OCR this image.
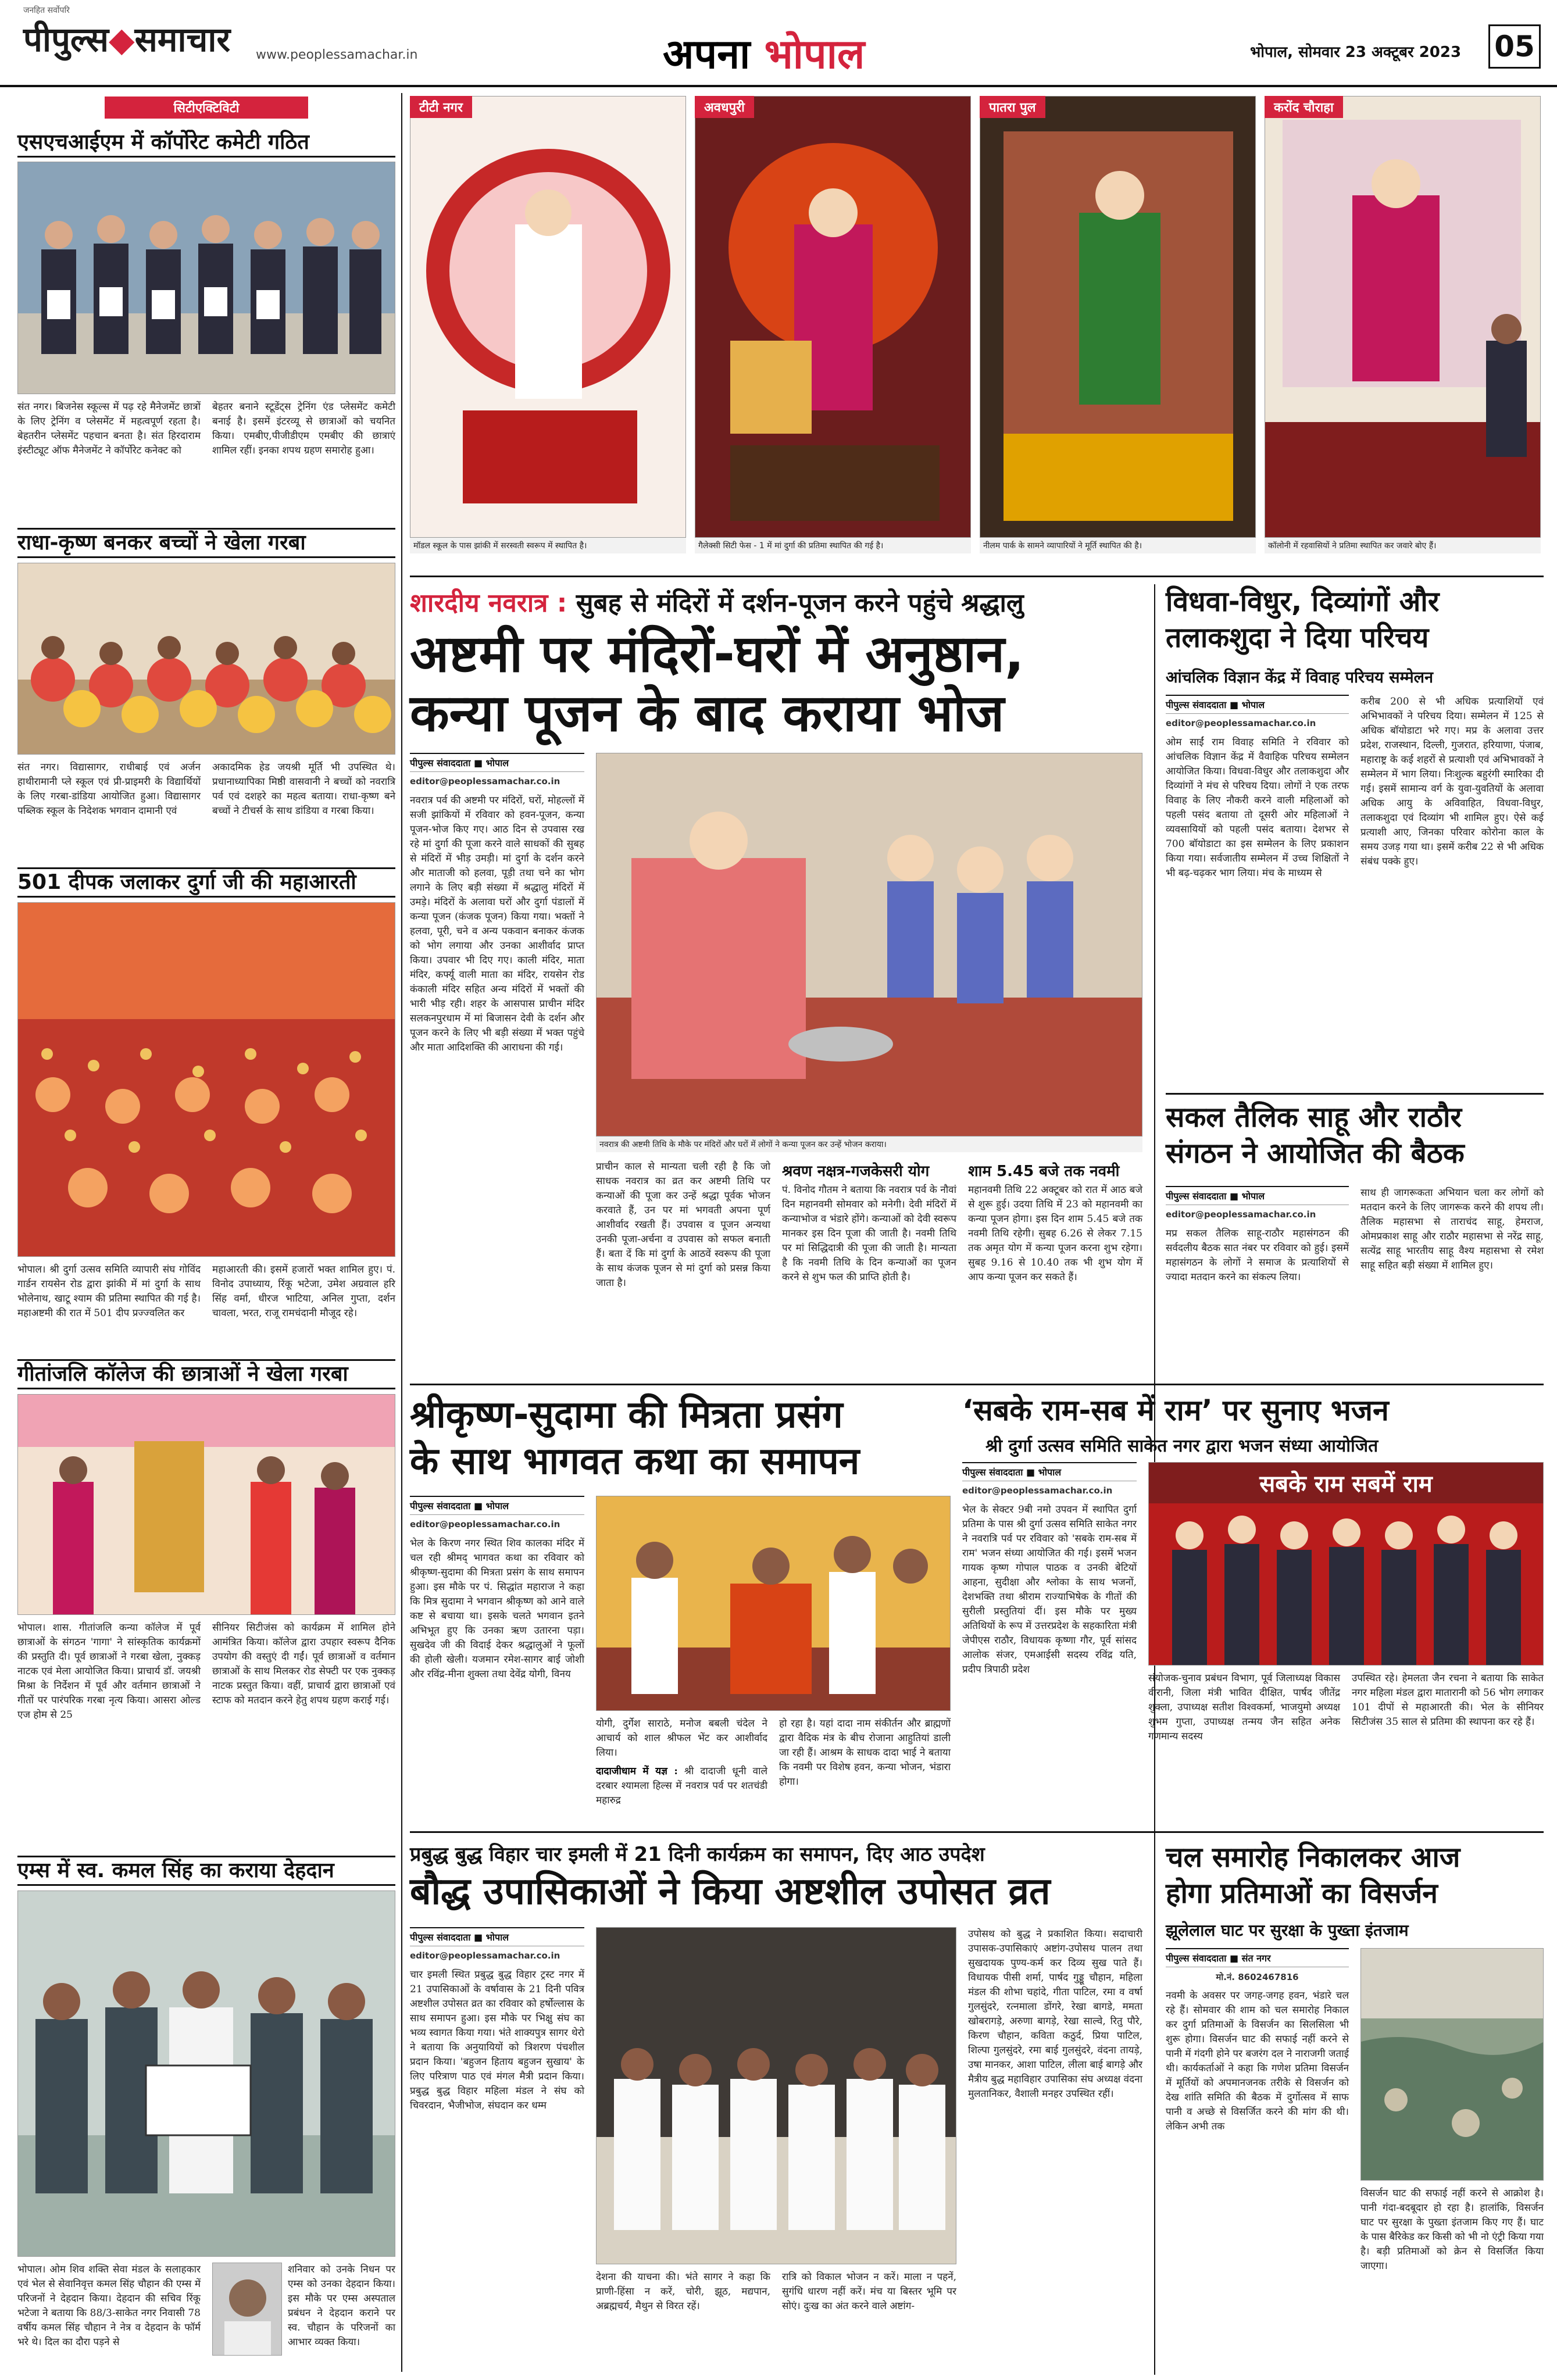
जनहित सर्वोपरि
पीपुल्स◆समाचार www.peoplessamachar.in	अपना भोपाल	भोपाल, सोमवार 23 अक्टूबर 2023 05
सिटीएक्टिविटी
एसएचआईएम में कॉर्पोरेट कमेटी गठित
संत नगर। बिजनेस स्कूल्स में पढ़ रहे मैनेजमेंट छात्रों के लिए ट्रेनिंग व प्लेसमेंट में महत्वपूर्ण रहता है। बेहतरीन प्लेसमेंट पहचान बनता है। संत हिरदाराम इंस्टीट्यूट ऑफ मैनेजमेंट ने कॉर्पोरेट कनेक्ट को
बेहतर बनाने स्टूडेंट्स ट्रेनिंग एंड प्लेसमेंट कमेटी बनाई है। इसमें इंटरव्यू से छात्राओं को चयनित किया। एमबीए,पीजीडीएम एमबीए की छात्राएं शामिल रहीं। इनका शपथ ग्रहण समारोह हुआ।
राधा-कृष्ण बनकर बच्चों ने खेला गरबा
संत नगर। विद्यासागर, राधीबाई एवं अर्जन हाथीरामानी प्ले स्कूल एवं प्री-प्राइमरी के विद्यार्थियों के लिए गरबा-डांडिया आयोजित हुआ। विद्यासागर पब्लिक स्कूल के निदेशक भगवान दामानी एवं
अकादमिक हेड जयश्री मूर्ति भी उपस्थित थे। प्रधानाध्यापिका मिष्ठी वासवानी ने बच्चों को नवरात्रि पर्व एवं दशहरे का महत्व बताया। राधा-कृष्ण बने बच्चों ने टीचर्स के साथ डांडिया व गरबा किया।
501 दीपक जलाकर दुर्गा जी की महाआरती
भोपाल। श्री दुर्गा उत्सव समिति व्यापारी संघ गोविंद गार्डन रायसेन रोड द्वारा झांकी में मां दुर्गा के साथ भोलेनाथ, खाटू श्याम की प्रतिमा स्थापित की गई है। महाअष्टमी की रात में 501 दीप प्रज्ज्वलित कर
महाआरती की। इसमें हजारों भक्त शामिल हुए। पं. विनोद उपाध्याय, रिंकू भटेजा, उमेश अग्रवाल हरि सिंह वर्मा, धीरज भाटिया, अनिल गुप्ता, दर्शन चावला, भरत, राजू रामचंदानी मौजूद रहे।
गीतांजलि कॉलेज की छात्राओं ने खेला गरबा
भोपाल। शास. गीतांजलि कन्या कॉलेज में पूर्व छात्राओं के संगठन 'गागा' ने सांस्कृतिक कार्यक्रमों की प्रस्तुति दी। पूर्व छात्राओं ने गरबा खेला, नुक्कड़ नाटक एवं मेला आयोजित किया। प्राचार्य डॉ. जयश्री मिश्रा के निर्देशन में पूर्व और वर्तमान छात्राओं ने गीतों पर पारंपरिक गरबा नृत्य किया। आसरा ओल्ड एज होम से 25
सीनियर सिटीजंस को कार्यक्रम में शामिल होने आमंत्रित किया। कॉलेज द्वारा उपहार स्वरूप दैनिक उपयोग की वस्तुएं दी गईं। पूर्व छात्राओं व वर्तमान छात्राओं के साथ मिलकर रोड सेफ्टी पर एक नुक्कड़ नाटक प्रस्तुत किया। वहीं, प्राचार्य द्वारा छात्राओं एवं स्टाफ को मतदान करने हेतु शपथ ग्रहण कराई गई।
एम्स में स्व. कमल सिंह का कराया देहदान
भोपाल। ओम शिव शक्ति सेवा मंडल के सलाहकार एवं भेल से सेवानिवृत्त कमल सिंह चौहान की एम्स में परिजनों ने देहदान किया। देहदान की सचिव रिंकू भटेजा ने बताया कि 88/3-साकेत नगर निवासी 78 वर्षीय कमल सिंह चौहान ने नेत्र व देहदान के फॉर्म भरे थे। दिल का दौरा पड़ने से
शनिवार को उनके निधन पर एम्स को उनका देहदान किया। इस मौके पर एम्स अस्पताल प्रबंधन ने देहदान कराने पर स्व. चौहान के परिजनों का आभार व्यक्त किया।
टीटी नगर
मॉडल स्कूल के पास झांकी में सरस्वती स्वरूप में स्थापित है।
अवधपुरी
गैलेक्सी सिटी फेस - 1 में मां दुर्गा की प्रतिमा स्थापित की गई है।
पातरा पुल
नीलम पार्क के सामने व्यापारियों ने मूर्ति स्थापित की है।
करोंद चौराहा
कॉलोनी में रहवासियों ने प्रतिमा स्थापित कर जवारे बोए हैं।
शारदीय नवरात्र : सुबह से मंदिरों में दर्शन-पूजन करने पहुंचे श्रद्धालु
अष्टमी पर मंदिरों-घरों में अनुष्ठान,
कन्या पूजन के बाद कराया भोज
पीपुल्स संवाददाता ■ भोपाल
editor@peoplessamachar.co.in
नवरात्र पर्व की अष्टमी पर मंदिरों, घरों, मोहल्लों में सजी झांकियों में रविवार को हवन-पूजन, कन्या पूजन-भोज किए गए। आठ दिन से उपवास रख रहे मां दुर्गा की पूजा करने वाले साधकों की सुबह से मंदिरों में भीड़ उमड़ी। मां दुर्गा के दर्शन करने और माताजी को हलवा, पूड़ी तथा चने का भोग लगाने के लिए बड़ी संख्या में श्रद्धालु मंदिरों में उमड़े। मंदिरों के अलावा घरों और दुर्गा पंडालों में कन्या पूजन (कंजक पूजन) किया गया। भक्तों ने हलवा, पूरी, चने व अन्य पकवान बनाकर कंजक को भोग लगाया और उनका आशीर्वाद प्राप्त किया। उपवार भी दिए गए। काली मंदिर, माता मंदिर, कर्फ्यू वाली माता का मंदिर, रायसेन रोड कंकाली मंदिर सहित अन्य मंदिरों में भक्तों की भारी भीड़ रही। शहर के आसपास प्राचीन मंदिर सलकनपुरधाम में मां बिजासन देवी के दर्शन और पूजन करने के लिए भी बड़ी संख्या में भक्त पहुंचे और माता आदिशक्ति की आराधना की गई।
नवरात्र की अष्टमी तिथि के मौके पर मंदिरों और घरों में लोगों ने कन्या पूजन कर उन्हें भोजन कराया।
प्राचीन काल से मान्यता चली रही है कि जो साधक नवरात्र का व्रत कर अष्टमी तिथि पर कन्याओं की पूजा कर उन्हें श्रद्धा पूर्वक भोजन करवाते हैं, उन पर मां भगवती अपना पूर्ण आशीर्वाद रखती हैं। उपवास व पूजन अन्यथा उनकी पूजा-अर्चना व उपवास को सफल बनाती हैं। बता दें कि मां दुर्गा के आठवें स्वरूप की पूजा के साथ कंजक पूजन से मां दुर्गा को प्रसन्न किया जाता है।
श्रवण नक्षत्र-गजकेसरी योग
पं. विनोद गौतम ने बताया कि नवरात्र पर्व के नौवां दिन महानवमी सोमवार को मनेगी। देवी मंदिरों में कन्याभोज व भंडारे होंगे। कन्याओं को देवी स्वरूप मानकर इस दिन पूजा की जाती है। नवमी तिथि पर मां सिद्धिदात्री की पूजा की जाती है। मान्यता है कि नवमी तिथि के दिन कन्याओं का पूजन करने से शुभ फल की प्राप्ति होती है।
शाम 5.45 बजे तक नवमी
महानवमी तिथि 22 अक्टूबर को रात में आठ बजे से शुरू हुई। उदया तिथि में 23 को महानवमी का कन्या पूजन होगा। इस दिन शाम 5.45 बजे तक नवमी तिथि रहेगी। सुबह 6.26 से लेकर 7.15 तक अमृत योग में कन्या पूजन करना शुभ रहेगा। सुबह 9.16 से 10.40 तक भी शुभ योग में आप कन्या पूजन कर सकते हैं।
विधवा-विधुर, दिव्यांगों और
तलाकशुदा ने दिया परिचय
आंचलिक विज्ञान केंद्र में विवाह परिचय सम्मेलन
पीपुल्स संवाददाता ■ भोपाल
editor@peoplessamachar.co.in
ओम साईं राम विवाह समिति ने रविवार को आंचलिक विज्ञान केंद्र में वैवाहिक परिचय सम्मेलन आयोजित किया। विधवा-विधुर और तलाकशुदा और दिव्यांगों ने मंच से परिचय दिया। लोगों ने एक तरफ विवाह के लिए नौकरी करने वाली महिलाओं को पहली पसंद बताया तो दूसरी ओर महिलाओं ने व्यवसायियों को पहली पसंद बताया। देशभर से 700 बॉयोडाटा का इस सम्मेलन के लिए प्रकाशन किया गया। सर्वजातीय सम्मेलन में उच्च शिक्षितों ने भी बढ़-चढ़कर भाग लिया। मंच के माध्यम से
करीब 200 से भी अधिक प्रत्याशियों एवं अभिभावकों ने परिचय दिया। सम्मेलन में 125 से अधिक बॉयोडाटा भरे गए। मप्र के अलावा उत्तर प्रदेश, राजस्थान, दिल्ली, गुजरात, हरियाणा, पंजाब, महाराष्ट्र के कई शहरों से प्रत्याशी एवं अभिभावकों ने सम्मेलन में भाग लिया। निःशुल्क बहुरंगी स्मारिका दी गई। इसमें सामान्य वर्ग के युवा-युवतियों के अलावा अधिक आयु के अविवाहित, विधवा-विधुर, तलाकशुदा एवं दिव्यांग भी शामिल हुए। ऐसे कई प्रत्याशी आए, जिनका परिवार कोरोना काल के समय उजड़ गया था। इसमें करीब 22 से भी अधिक संबंध पक्के हुए।
सकल तैलिक साहू और राठौर
संगठन ने आयोजित की बैठक
पीपुल्स संवाददाता ■ भोपाल
editor@peoplessamachar.co.in
मप्र सकल तैलिक साहू-राठौर महासंगठन की सर्वदलीय बैठक सात नंबर पर रविवार को हुई। इसमें महासंगठन के लोगों ने समाज के प्रत्याशियों से ज्यादा मतदान करने का संकल्प लिया।
साथ ही जागरूकता अभियान चला कर लोगों को मतदान करने के लिए जागरूक करने की शपथ ली। तैलिक महासभा से ताराचंद साहू, हेमराज, ओमप्रकाश साहू और राठौर महासभा से नरेंद्र साहू, सत्येंद्र साहू भारतीय साहू वैश्य महासभा से रमेश साहू सहित बड़ी संख्या में शामिल हुए।
श्रीकृष्ण-सुदामा की मित्रता प्रसंग
के साथ भागवत कथा का समापन
पीपुल्स संवाददाता ■ भोपाल
editor@peoplessamachar.co.in
भेल के किरण नगर स्थित शिव कालका मंदिर में चल रही श्रीमद् भागवत कथा का रविवार को श्रीकृष्ण-सुदामा की मित्रता प्रसंग के साथ समापन हुआ। इस मौके पर पं. सिद्धांत महाराज ने कहा कि मित्र सुदामा ने भगवान श्रीकृष्ण को आने वाले कष्ट से बचाया था। इसके चलते भगवान इतने अभिभूत हुए कि उनका ऋण उतारना पड़ा। सुखदेव जी की विदाई देकर श्रद्धालुओं ने फूलों की होली खेली। यजमान रमेश-सागर बाई जोशी और रविंद्र-मीना शुक्ला तथा देवेंद्र योगी, विनय
योगी, दुर्गेश साराठे, मनोज बबली चंदेल ने आचार्य को शाल श्रीफल भेंट कर आशीर्वाद लिया।
दादाजीधाम में यज्ञ : श्री दादाजी धूनी वाले दरबार श्यामला हिल्स में नवरात्र पर्व पर शतचंडी महारुद्र
हो रहा है। यहां दादा नाम संकीर्तन और ब्राह्मणों द्वारा वैदिक मंत्र के बीच रोजाना आहुतियां डाली जा रही हैं। आश्रम के साधक दादा भाई ने बताया कि नवमी पर विशेष हवन, कन्या भोजन, भंडारा होगा।
‘सबके राम-सब में राम’ पर सुनाए भजन
श्री दुर्गा उत्सव समिति साकेत नगर द्वारा भजन संध्या आयोजित
पीपुल्स संवाददाता ■ भोपाल
editor@peoplessamachar.co.in
भेल के सेक्टर 9बी नमो उपवन में स्थापित दुर्गा प्रतिमा के पास श्री दुर्गा उत्सव समिति साकेत नगर ने नवरात्रि पर्व पर रविवार को 'सबके राम-सब में राम' भजन संध्या आयोजित की गई। इसमें भजन गायक कृष्ण गोपाल पाठक व उनकी बेटियों आहना, सुदीक्षा और श्लोका के साथ भजनों, देशभक्ति तथा श्रीराम राज्याभिषेक के गीतों की सुरीली प्रस्तुतियां दीं। इस मौके पर मुख्य अतिथियों के रूप में उत्तरप्रदेश के सहकारिता मंत्री जेपीएस राठौर, विधायक कृष्णा गौर, पूर्व सांसद आलोक संजर, एमआईसी सदस्य रविंद्र यति, प्रदीप त्रिपाठी प्रदेश
सबके राम सबमें राम
संयोजक-चुनाव प्रबंधन विभाग, पूर्व जिलाध्यक्ष विकास वीरानी, जिला मंत्री भावित दीक्षित, पार्षद जीतेंद्र शुक्ला, उपाध्यक्ष सतीश विश्वकर्मा, भाजयुमो अध्यक्ष शुभम गुप्ता, उपाध्यक्ष तन्मय जैन सहित अनेक गणमान्य सदस्य
उपस्थित रहे। हेमलता जैन रचना ने बताया कि साकेत नगर महिला मंडल द्वारा मातारानी को 56 भोग लगाकर 101 दीपों से महाआरती की। भेल के सीनियर सिटीजंस 35 साल से प्रतिमा की स्थापना कर रहे हैं।
प्रबुद्ध बुद्ध विहार चार इमली में 21 दिनी कार्यक्रम का समापन, दिए आठ उपदेश
बौद्ध उपासिकाओं ने किया अष्टशील उपोसत व्रत
पीपुल्स संवाददाता ■ भोपाल
editor@peoplessamachar.co.in
चार इमली स्थित प्रबुद्ध बुद्ध विहार ट्रस्ट नगर में 21 उपासिकाओं के वर्षावास के 21 दिनी पवित्र अष्टशील उपोसत व्रत का रविवार को हर्षोल्लास के साथ समापन हुआ। इस मौके पर भिक्षु संघ का भव्य स्वागत किया गया। भंते शाक्यपुत्र सागर थेरो ने बताया कि अनुयायियों को त्रिशरण पंचशील प्रदान किया। 'बहुजन हिताय बहुजन सुखाय' के लिए परित्राण पाठ एवं मंगल मैत्री प्रदान किया। प्रबुद्ध बुद्ध विहार महिला मंडल ने संघ को चिवरदान, भैजीभोज, संघदान कर धम्म
देशना की याचना की। भंते सागर ने कहा कि प्राणी-हिंसा न करें, चोरी, झूठ, मद्यपान, अब्रह्मचर्य, मैथुन से विरत रहें।
रात्रि को विकाल भोजन न करें। माला न पहनें, सुगंधि धारण नहीं करें। मंच या बिस्तर भूमि पर सोएं। दुःख का अंत करने वाले अष्टांग-
उपोसथ को बुद्ध ने प्रकाशित किया। सदाचारी उपासक-उपासिकाएं अष्टांग-उपोसथ पालन तथा सुखदायक पुण्य-कर्म कर दिव्य सुख पाते हैं। विधायक पीसी शर्मा, पार्षद गुड्डू चौहान, महिला मंडल की शोभा चहांदे, गीता पाटिल, रमा व वर्षा गुलसुंदरे, रत्नमाला डोंगरे, रेखा बागडे, ममता खोबरागड़े, अरुणा बागड़े, रेखा साल्वे, रितु पौरे, किरण चौहान, कविता कठुर्द, प्रिया पाटिल, शिल्पा गुलसुंदरे, रमा बाई गुलसुंदरे, वंदना तायड़े, उषा मानकर, आशा पाटिल, लीला बाई बागड़े और मैत्रीय बुद्ध महाविहार उपासिका संघ अध्यक्ष वंदना मुलतानिकर, वैशाली मनहर उपस्थित रहीं।
चल समारोह निकालकर आज
होगा प्रतिमाओं का विसर्जन
झूलेलाल घाट पर सुरक्षा के पुख्ता इंतजाम
पीपुल्स संवाददाता ■ संत नगर
मो.नं. 8602467816
नवमी के अवसर पर जगह-जगह हवन, भंडारे चल रहे हैं। सोमवार की शाम को चल समारोह निकाल कर दुर्गा प्रतिमाओं के विसर्जन का सिलसिला भी शुरू होगा। विसर्जन घाट की सफाई नहीं करने से पानी में गंदगी होने पर बजरंग दल ने नाराजगी जताई थी। कार्यकर्ताओं ने कहा कि गणेश प्रतिमा विसर्जन में मूर्तियों को अपमानजनक तरीके से विसर्जन को देख शांति समिति की बैठक में दुर्गोत्सव में साफ पानी व अच्छे से विसर्जित करने की मांग की थी। लेकिन अभी तक
विसर्जन घाट की सफाई नहीं करने से आक्रोश है। पानी गंदा-बदबूदार हो रहा है। हालांकि, विसर्जन घाट पर सुरक्षा के पुख्ता इंतजाम किए गए हैं। घाट के पास बैरिकेड कर किसी को भी नो एंट्री किया गया है। बड़ी प्रतिमाओं को क्रेन से विसर्जित किया जाएगा।
